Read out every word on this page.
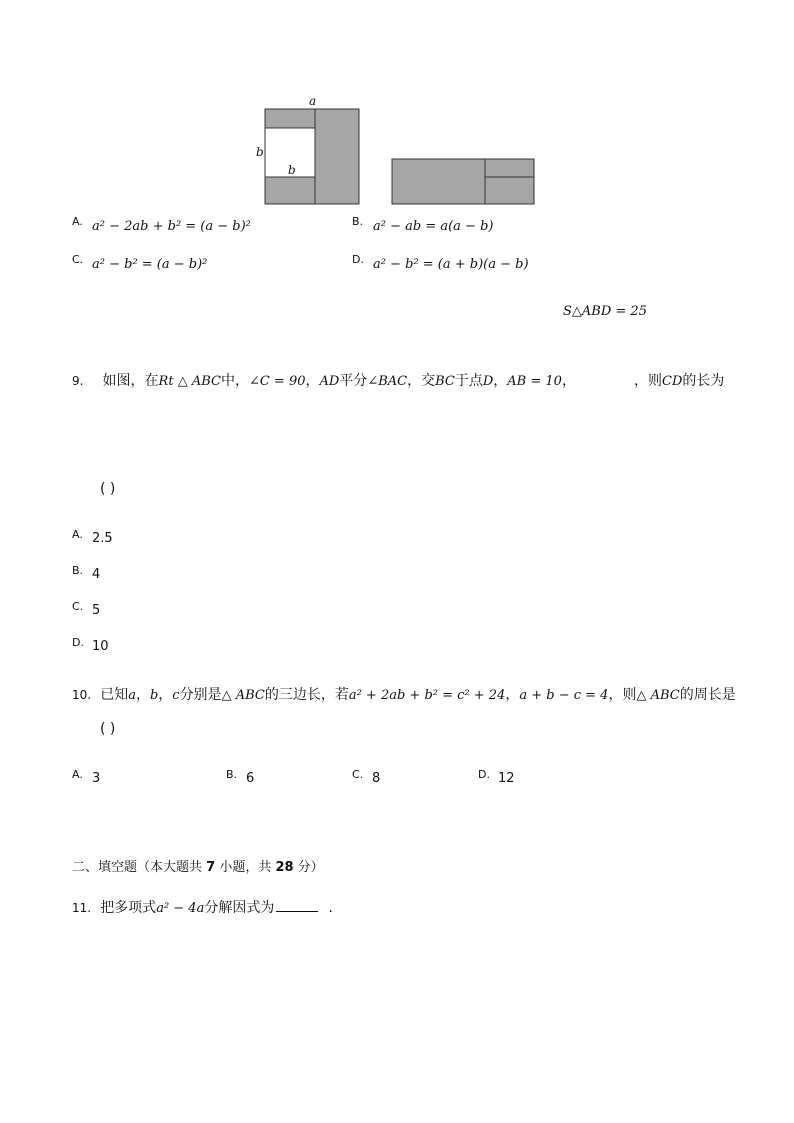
a
b
b
A. a² − 2ab + b² = (a − b)²	B. a² − ab = a(a − b)
C. a² − b² = (a − b)²	D. a² − b² = (a + b)(a − b)
S△ABD = 25
9. 如图，在Rt △ ABC中，∠C = 90，AD平分∠BAC，交BC于点D，AB = 10，	，则CD的长为
( )
A. 2.5
B. 4
C. 5
D. 10
10. 已知a，b，c分别是△ ABC的三边长，若a² + 2ab + b² = c² + 24，a + b − c = 4，则△ ABC的周长是
( )
A. 3	B. 6	C. 8	D. 12
二、填空题（本大题共 7 小题，共 28 分）
11. 把多项式a² − 4a分解因式为	.
